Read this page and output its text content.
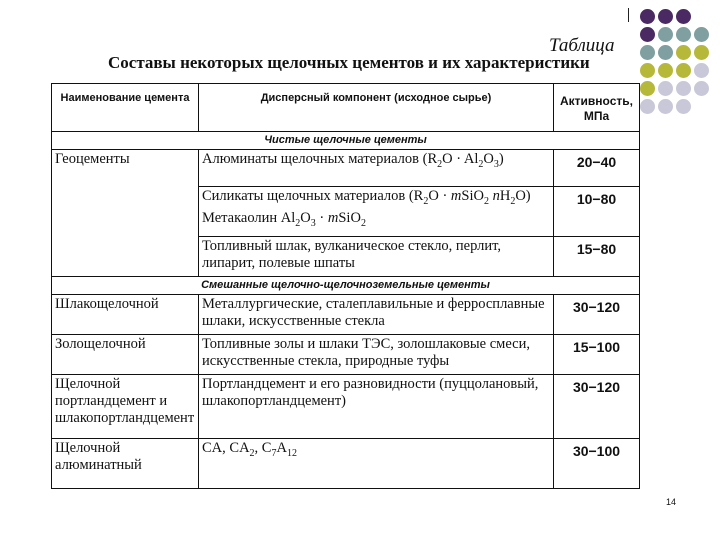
Таблица
Составы некоторых щелочных цементов и их характеристики
Наименование цемента	Дисперсный компонент (исходное сырье)	Активность, МПа
Чистые щелочные цементы		
Геоцементы	Алюминаты щелочных материалов $(R_2O \cdot Al_2O_3)$	20−40
	Силикаты щелочных материалов ($R_2O$ · mSiO$_2$ $nH_2O$) Метакаолин $Al_2O_3$ · mSiO$_2$	10−80
	Топливный шлак, вулканическое стекло, перлит, липарит, полевые шпаты	15−80
Смешанные щелочно-щелочноземельные цементы		
Шлакощелочной	Металлургические, сталеплавильные и ферросплавные шлаки, искусственные стекла	30−120
Золощелочной	Топливные золы и шлаки ТЭС, золошлаковые смеси, искусственные стекла, природные туфы	15−100
Щелочной портландцемент и шлакопортландцемент	Портландцемент и его разновидности (пуццолановый, шлакопортландцемент)	30−120
Щелочной алюминатный	CA, $CA_2$, $C_7A_{12}$	30−100
14
